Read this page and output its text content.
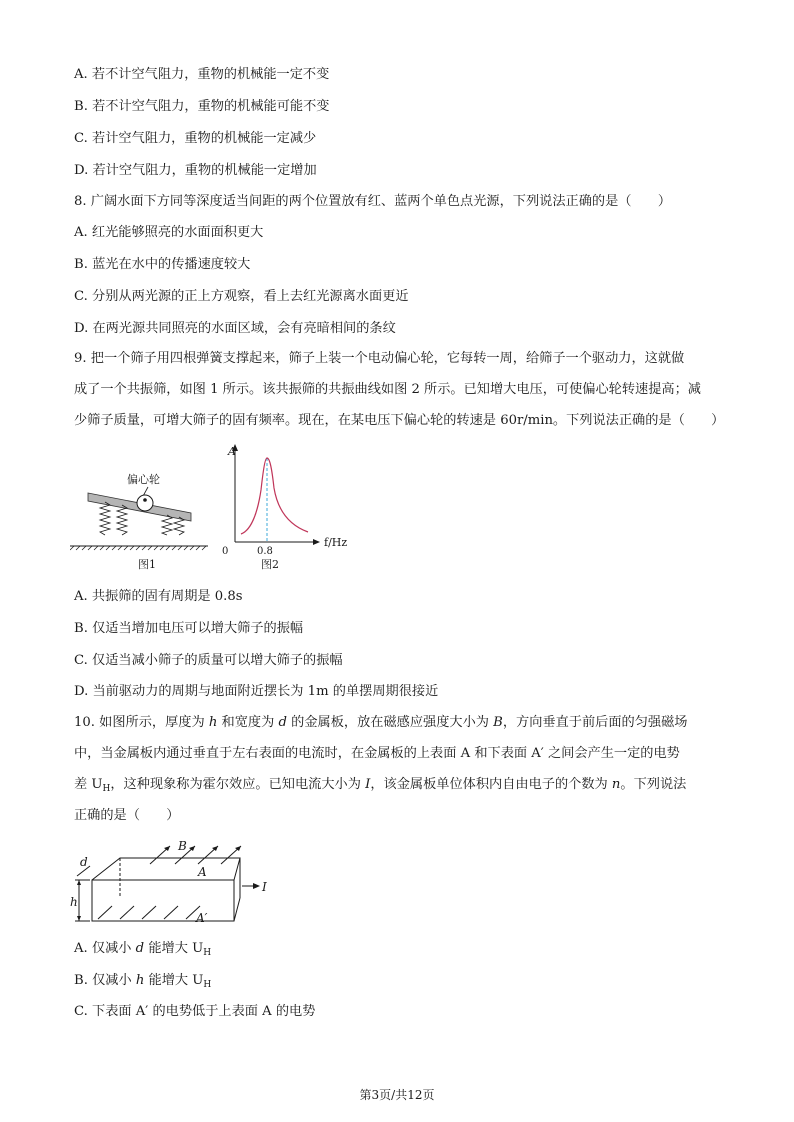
A. 若不计空气阻力，重物的机械能一定不变
B. 若不计空气阻力，重物的机械能可能不变
C. 若计空气阻力，重物的机械能一定减少
D. 若计空气阻力，重物的机械能一定增加
8. 广阔水面下方同等深度适当间距的两个位置放有红、蓝两个单色点光源，下列说法正确的是（　　）
A. 红光能够照亮的水面面积更大
B. 蓝光在水中的传播速度较大
C. 分别从两光源的正上方观察，看上去红光源离水面更近
D. 在两光源共同照亮的水面区域，会有亮暗相间的条纹
9. 把一个筛子用四根弹簧支撑起来，筛子上装一个电动偏心轮，它每转一周，给筛子一个驱动力，这就做
成了一个共振筛，如图 1 所示。该共振筛的共振曲线如图 2 所示。已知增大电压，可使偏心轮转速提高；减
少筛子质量，可增大筛子的固有频率。现在，在某电压下偏心轮的转速是 60r/min。下列说法正确的是（　　）
偏心轮
图1
A
f/Hz
0	0.8
图2
A. 共振筛的固有周期是 0.8s
B. 仅适当增加电压可以增大筛子的振幅
C. 仅适当减小筛子的质量可以增大筛子的振幅
D. 当前驱动力的周期与地面附近摆长为 1m 的单摆周期很接近
10. 如图所示，厚度为 h 和宽度为 d 的金属板，放在磁感应强度大小为 B，方向垂直于前后面的匀强磁场
中，当金属板内通过垂直于左右表面的电流时，在金属板的上表面 A 和下表面 A′ 之间会产生一定的电势
差 $U_H$，这种现象称为霍尔效应。已知电流大小为 I，该金属板单位体积内自由电子的个数为 n。下列说法
正确的是（　　）
B
A
A′
I
d
h
A. 仅减小 d 能增大 $U_H$
B. 仅减小 h 能增大 $U_H$
C. 下表面 A′ 的电势低于上表面 A 的电势
第3页/共12页
